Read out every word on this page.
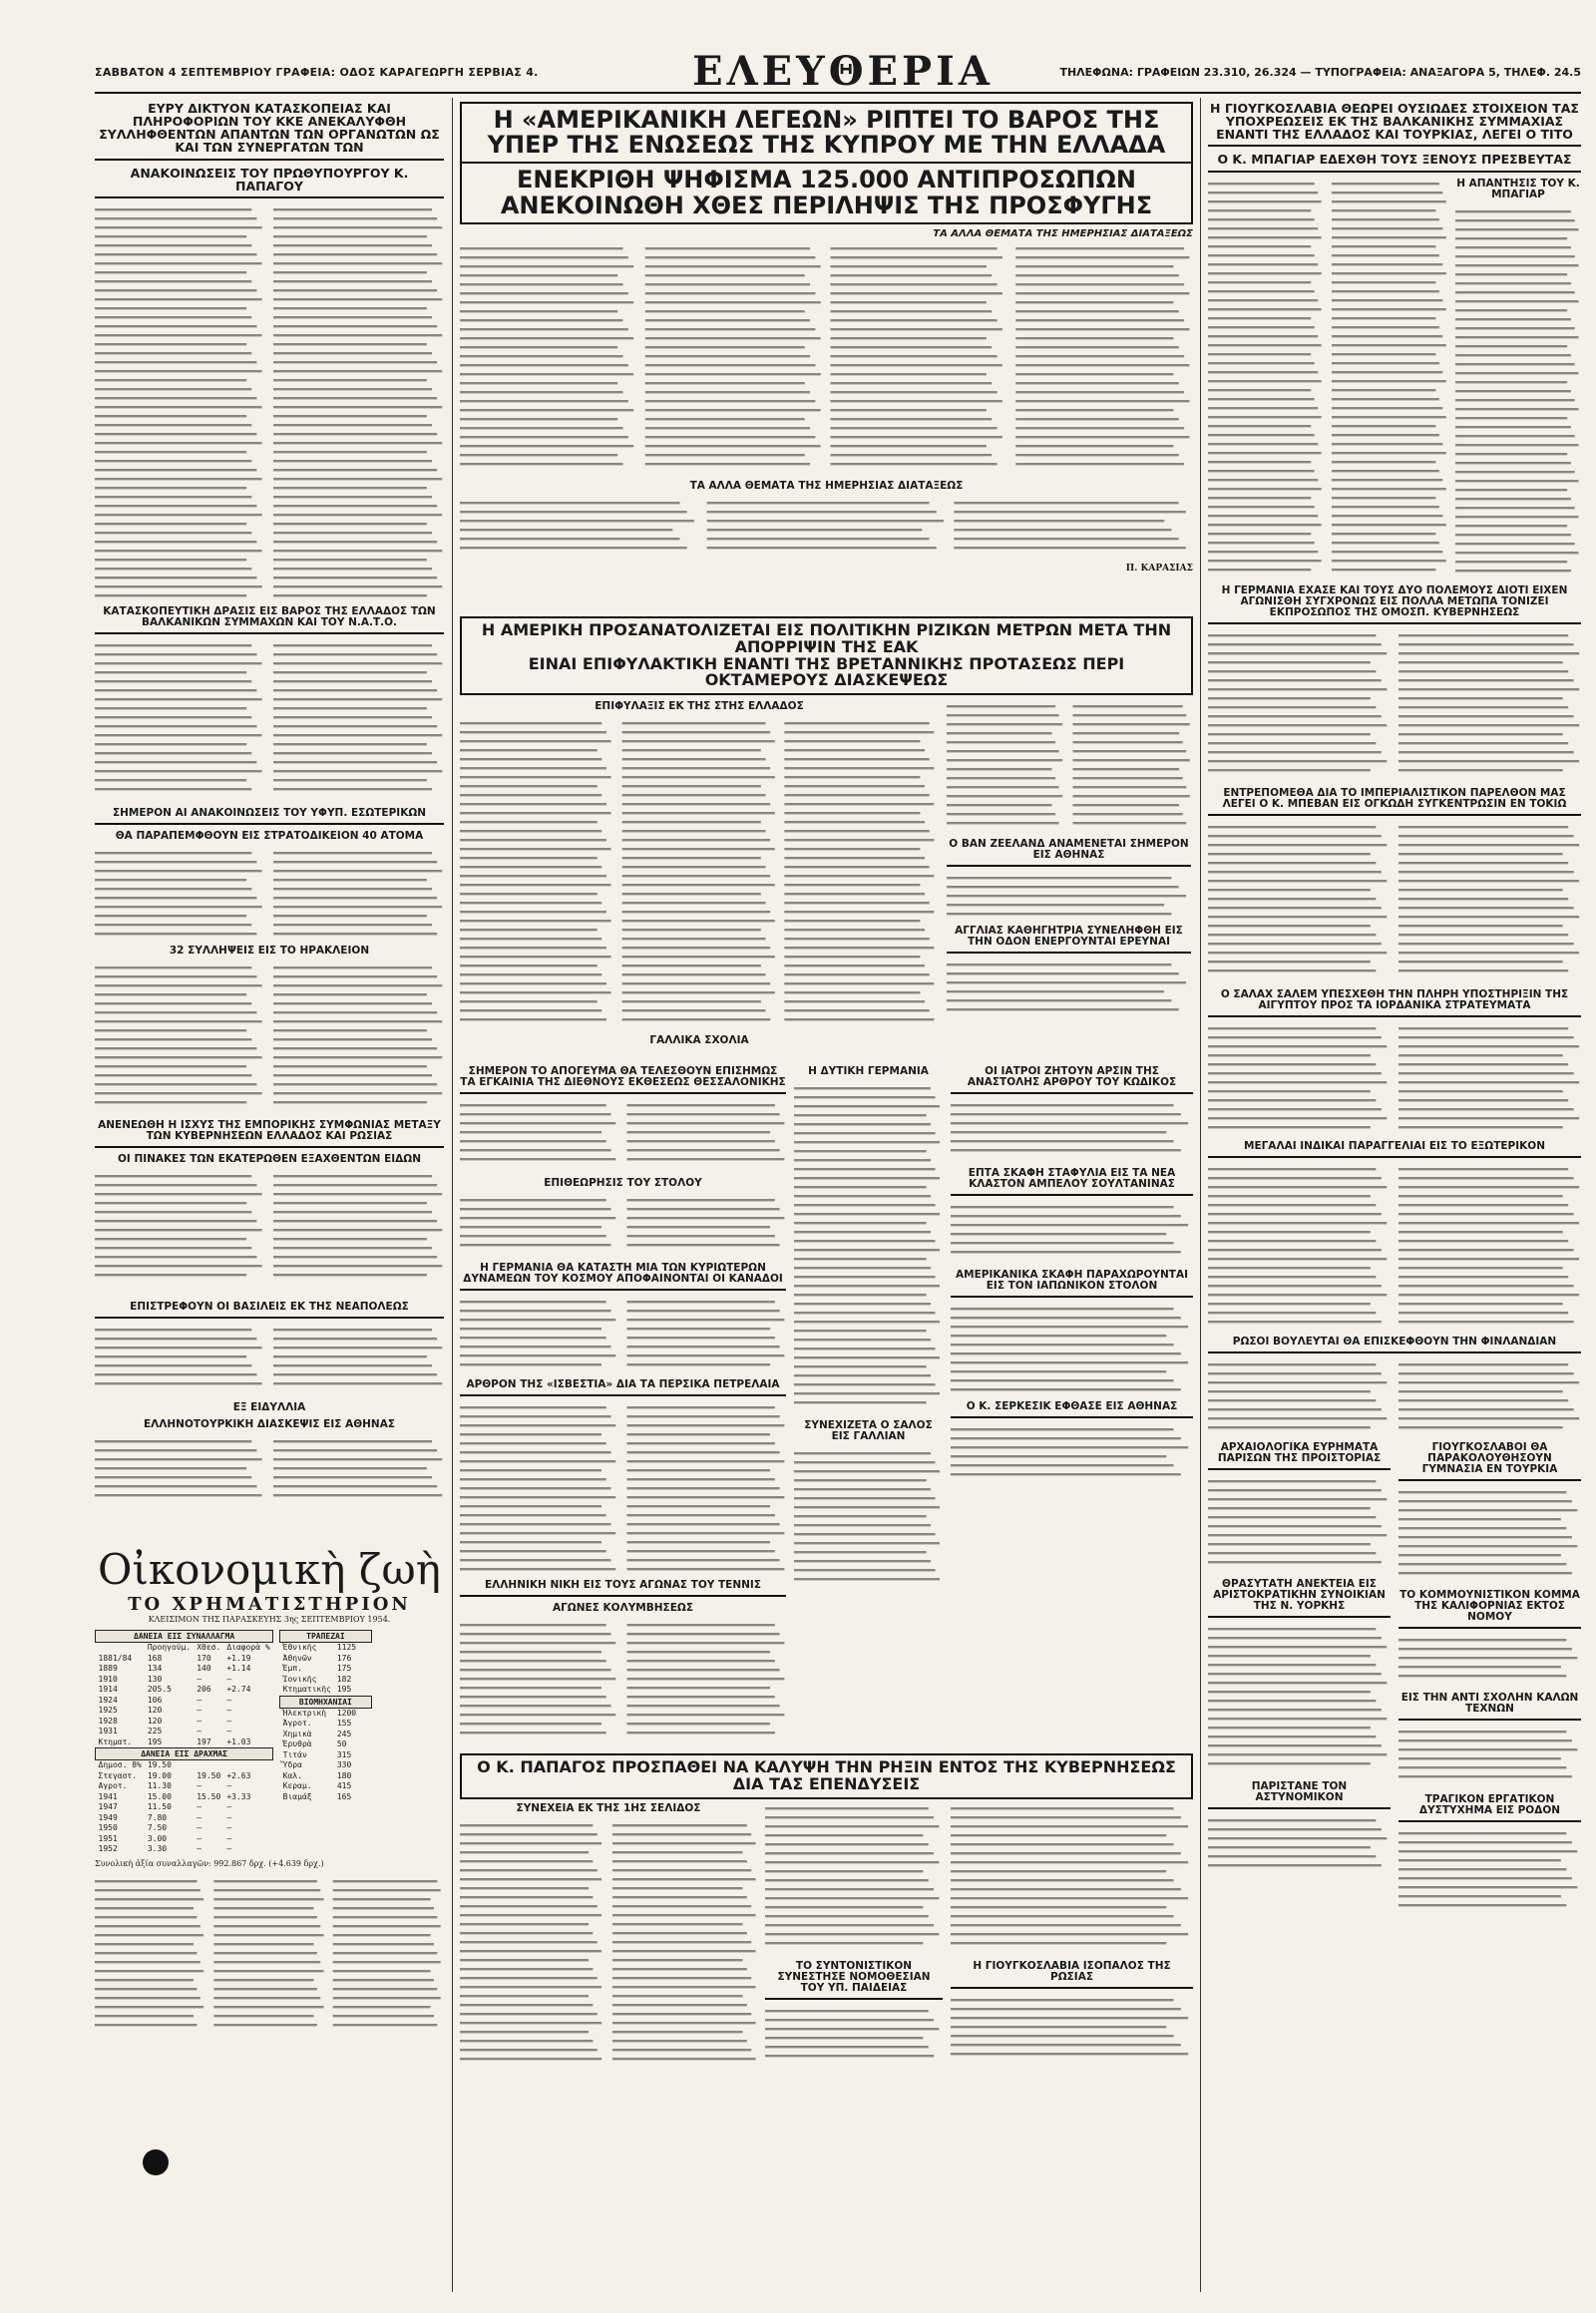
ΣΑΒΒΑΤΟΝ 4 ΣΕΠΤΕΜΒΡΙΟΥ ΓΡΑΦΕΙΑ: ΟΔΟΣ ΚΑΡΑΓΕΩΡΓΗ ΣΕΡΒΙΑΣ 4.	ΕΛΕΥΘΕΡΙΑ	ΤΗΛΕΦΩΝΑ: ΓΡΑΦΕΙΩΝ 23.310, 26.324 — ΤΥΠΟΓΡΑΦΕΙΑ: ΑΝΑΞΑΓΟΡΑ 5, ΤΗΛΕΦ. 24.5
ΕΥΡΥ ΔΙΚΤΥΟΝ ΚΑΤΑΣΚΟΠΕΙΑΣ ΚΑΙ ΠΛΗΡΟΦΟΡΙΩΝ ΤΟΥ ΚΚΕ ΑΝΕΚΑΛΥΦΘΗ ΣΥΛΛΗΦΘΕΝΤΩΝ ΑΠΑΝΤΩΝ ΤΩΝ ΟΡΓΑΝΩΤΩΝ ΩΣ ΚΑΙ ΤΩΝ ΣΥΝΕΡΓΑΤΩΝ ΤΩΝ
ΑΝΑΚΟΙΝΩΣΕΙΣ ΤΟΥ ΠΡΩΘΥΠΟΥΡΓΟΥ Κ. ΠΑΠΑΓΟΥ
ΚΑΤΑΣΚΟΠΕΥΤΙΚΗ ΔΡΑΣΙΣ ΕΙΣ ΒΑΡΟΣ ΤΗΣ ΕΛΛΑΔΟΣ ΤΩΝ ΒΑΛΚΑΝΙΚΩΝ ΣΥΜΜΑΧΩΝ ΚΑΙ ΤΟΥ Ν.Α.Τ.Ο.
ΣΗΜΕΡΟΝ ΑΙ ΑΝΑΚΟΙΝΩΣΕΙΣ ΤΟΥ ΥΦΥΠ. ΕΣΩΤΕΡΙΚΩΝ
ΘΑ ΠΑΡΑΠΕΜΦΘΟΥΝ ΕΙΣ ΣΤΡΑΤΟΔΙΚΕΙΟΝ 40 ΑΤΟΜΑ
32 ΣΥΛΛΗΨΕΙΣ ΕΙΣ ΤΟ ΗΡΑΚΛΕΙΟΝ
ΑΝΕΝΕΩΘΗ Η ΙΣΧΥΣ ΤΗΣ ΕΜΠΟΡΙΚΗΣ ΣΥΜΦΩΝΙΑΣ ΜΕΤΑΞΥ ΤΩΝ ΚΥΒΕΡΝΗΣΕΩΝ ΕΛΛΑΔΟΣ ΚΑΙ ΡΩΣΙΑΣ
ΟΙ ΠΙΝΑΚΕΣ ΤΩΝ ΕΚΑΤΕΡΩΘΕΝ ΕΞΑΧΘΕΝΤΩΝ ΕΙΔΩΝ
ΕΠΙΣΤΡΕΦΟΥΝ ΟΙ ΒΑΣΙΛΕΙΣ ΕΚ ΤΗΣ ΝΕΑΠΟΛΕΩΣ
ΕΞ ΕΙΔΥΛΛΙΑ
ΕΛΛΗΝΟΤΟΥΡΚΙΚΗ ΔΙΑΣΚΕΨΙΣ ΕΙΣ ΑΘΗΝΑΣ
Οἰκονομικὴ ζωὴ
ΤΟ ΧΡΗΜΑΤΙΣΤΗΡΙΟΝ
ΚΛΕΙΣΙΜΟΝ ΤΗΣ ΠΑΡΑΣΚΕΥΗΣ 3ης ΣΕΠΤΕΜΒΡΙΟΥ 1954.
ΔΑΝΕΙΑ ΕΙΣ ΣΥΝΑΛΛΑΓΜΑ			
	Προηγούμ.	Χθεσ.	Διαφορὰ %
1881/84	168	170	+1.19
1889	134	140	+1.14
1910	130	—	—
1914	205.5	206	+2.74
1924	106	—	—
1925	120	—	—
1928	120	—	—
1931	225	—	—
Κτηματ.	195	197	+1.03
ΔΑΝΕΙΑ ΕΙΣ ΔΡΑΧΜΑΣ			
Δημοσ. 8%	19.50		
Στεγαστ.	19.00	19.50	+2.63
Αγροτ.	11.30	—	—
1941	15.00	15.50	+3.33
1947	11.50	—	—
1949	7.80	—	—
1950	7.50	—	—
1951	3.00	—	—
1952	3.30	—	—
ΤΡΑΠΕΖΑΙ			
Ἐθνικῆς	1125		
Ἀθηνῶν	176		
Ἐμπ.	175		
Ἰονικῆς	182		
Κτηματικῆς	195		
ΒΙΟΜΗΧΑΝΙΑΙ			
Ἠλεκτρικὴ	1200		
Ἀγροτ.	155		
Χημικὰ	245		
Ἐρυθρὰ	50		
Τιτάν	315		
Ὕδρα	330		
Καλ.	180		
Κεραμ.	415		
Βιαμάξ	165		
Συνολικὴ ἀξία συναλλαγῶν: 992.867 δρχ. (+4.639 δρχ.)
Η «ΑΜΕΡΙΚΑΝΙΚΗ ΛΕΓΕΩΝ» ΡΙΠΤΕΙ ΤΟ ΒΑΡΟΣ ΤΗΣ
ΥΠΕΡ ΤΗΣ ΕΝΩΣΕΩΣ ΤΗΣ ΚΥΠΡΟΥ ΜΕ ΤΗΝ ΕΛΛΑΔΑ
ΕΝΕΚΡΙΘΗ ΨΗΦΙΣΜΑ 125.000 ΑΝΤΙΠΡΟΣΩΠΩΝ
ΑΝΕΚΟΙΝΩΘΗ ΧΘΕΣ ΠΕΡΙΛΗΨΙΣ ΤΗΣ ΠΡΟΣΦΥΓΗΣ
ΤΑ ΑΛΛΑ ΘΕΜΑΤΑ ΤΗΣ ΗΜΕΡΗΣΙΑΣ ΔΙΑΤΑΞΕΩΣ
ΤΑ ΑΛΛΑ ΘΕΜΑΤΑ ΤΗΣ ΗΜΕΡΗΣΙΑΣ ΔΙΑΤΑΞΕΩΣ
Π. ΚΑΡΑΣΙΑΣ
Η ΑΜΕΡΙΚΗ ΠΡΟΣΑΝΑΤΟΛΙΖΕΤΑΙ ΕΙΣ ΠΟΛΙΤΙΚΗΝ ΡΙΖΙΚΩΝ ΜΕΤΡΩΝ ΜΕΤΑ ΤΗΝ ΑΠΟΡΡΙΨΙΝ ΤΗΣ ΕΑΚ
ΕΙΝΑΙ ΕΠΙΦΥΛΑΚΤΙΚΗ ΕΝΑΝΤΙ ΤΗΣ ΒΡΕΤΑΝΝΙΚΗΣ ΠΡΟΤΑΣΕΩΣ ΠΕΡΙ ΟΚΤΑΜΕΡΟΥΣ ΔΙΑΣΚΕΨΕΩΣ
ΕΠΙΦΥΛΑΞΙΣ ΕΚ ΤΗΣ ΣΤΗΣ ΕΛΛΑΔΟΣ
ΓΑΛΛΙΚΑ ΣΧΟΛΙΑ
Ο ΒΑΝ ΖΕΕΛΑΝΔ ΑΝΑΜΕΝΕΤΑΙ ΣΗΜΕΡΟΝ ΕΙΣ ΑΘΗΝΑΣ
ΑΓΓΛΙΑΣ ΚΑΘΗΓΗΤΡΙΑ ΣΥΝΕΛΗΦΘΗ ΕΙΣ ΤΗΝ ΟΔΟΝ ΕΝΕΡΓΟΥΝΤΑΙ ΕΡΕΥΝΑΙ
ΣΗΜΕΡΟΝ ΤΟ ΑΠΟΓΕΥΜΑ ΘΑ ΤΕΛΕΣΘΟΥΝ ΕΠΙΣΗΜΩΣ ΤΑ ΕΓΚΑΙΝΙΑ ΤΗΣ ΔΙΕΘΝΟΥΣ ΕΚΘΕΣΕΩΣ ΘΕΣΣΑΛΟΝΙΚΗΣ
ΕΠΙΘΕΩΡΗΣΙΣ ΤΟΥ ΣΤΟΛΟΥ
Η ΓΕΡΜΑΝΙΑ ΘΑ ΚΑΤΑΣΤΗ ΜΙΑ ΤΩΝ ΚΥΡΙΩΤΕΡΩΝ ΔΥΝΑΜΕΩΝ ΤΟΥ ΚΟΣΜΟΥ ΑΠΟΦΑΙΝΟΝΤΑΙ ΟΙ ΚΑΝΑΔΟΙ
ΑΡΘΡΟΝ ΤΗΣ «ΙΣΒΕΣΤΙΑ» ΔΙΑ ΤΑ ΠΕΡΣΙΚΑ ΠΕΤΡΕΛΑΙΑ
ΕΛΛΗΝΙΚΗ ΝΙΚΗ ΕΙΣ ΤΟΥΣ ΑΓΩΝΑΣ ΤΟΥ ΤΕΝΝΙΣ
ΑΓΩΝΕΣ ΚΟΛΥΜΒΗΣΕΩΣ
Η ΔΥΤΙΚΗ ΓΕΡΜΑΝΙΑ
ΣΥΝΕΧΙΖΕΤΑ Ο ΣΑΛΟΣ ΕΙΣ ΓΑΛΛΙΑΝ
ΟΙ ΙΑΤΡΟΙ ΖΗΤΟΥΝ ΑΡΣΙΝ ΤΗΣ ΑΝΑΣΤΟΛΗΣ ΑΡΘΡΟΥ ΤΟΥ ΚΩΔΙΚΟΣ
ΕΠΤΑ ΣΚΑΦΗ ΣΤΑΦΥΛΙΑ ΕΙΣ ΤΑ ΝΕΑ ΚΛΑΣΤΟΝ ΑΜΠΕΛΟΥ ΣΟΥΛΤΑΝΙΝΑΣ
ΑΜΕΡΙΚΑΝΙΚΑ ΣΚΑΦΗ ΠΑΡΑΧΩΡΟΥΝΤΑΙ ΕΙΣ ΤΟΝ ΙΑΠΩΝΙΚΟΝ ΣΤΟΛΟΝ
Ο Κ. ΣΕΡΚΕΣΙΚ ΕΦΘΑΣΕ ΕΙΣ ΑΘΗΝΑΣ
Ο Κ. ΠΑΠΑΓΟΣ ΠΡΟΣΠΑΘΕΙ ΝΑ ΚΑΛΥΨΗ ΤΗΝ ΡΗΞΙΝ ΕΝΤΟΣ ΤΗΣ ΚΥΒΕΡΝΗΣΕΩΣ ΔΙΑ ΤΑΣ ΕΠΕΝΔΥΣΕΙΣ
ΣΥΝΕΧΕΙΑ ΕΚ ΤΗΣ 1ΗΣ ΣΕΛΙΔΟΣ
ΤΟ ΣΥΝΤΟΝΙΣΤΙΚΟΝ ΣΥΝΕΣΤΗΣΕ ΝΟΜΟΘΕΣΙΑΝ ΤΟΥ ΥΠ. ΠΑΙΔΕΙΑΣ
Η ΓΙΟΥΓΚΟΣΛΑΒΙΑ ΙΣΟΠΑΛΟΣ ΤΗΣ ΡΩΣΙΑΣ
Η ΓΙΟΥΓΚΟΣΛΑΒΙΑ ΘΕΩΡΕΙ ΟΥΣΙΩΔΕΣ ΣΤΟΙΧΕΙΟΝ ΤΑΣ ΥΠΟΧΡΕΩΣΕΙΣ ΕΚ ΤΗΣ ΒΑΛΚΑΝΙΚΗΣ ΣΥΜΜΑΧΙΑΣ ΕΝΑΝΤΙ ΤΗΣ ΕΛΛΑΔΟΣ ΚΑΙ ΤΟΥΡΚΙΑΣ, ΛΕΓΕΙ Ο ΤΙΤΟ
Ο Κ. ΜΠΑΓΙΑΡ ΕΔΕΧΘΗ ΤΟΥΣ ΞΕΝΟΥΣ ΠΡΕΣΒΕΥΤΑΣ
Η ΑΠΑΝΤΗΣΙΣ ΤΟΥ Κ. ΜΠΑΓΙΑΡ
Η ΓΕΡΜΑΝΙΑ ΕΧΑΣΕ ΚΑΙ ΤΟΥΣ ΔΥΟ ΠΟΛΕΜΟΥΣ ΔΙΟΤΙ ΕΙΧΕΝ ΑΓΩΝΙΣΘΗ ΣΥΓΧΡΟΝΩΣ ΕΙΣ ΠΟΛΛΑ ΜΕΤΩΠΑ ΤΟΝΙΖΕΙ ΕΚΠΡΟΣΩΠΟΣ ΤΗΣ ΟΜΟΣΠ. ΚΥΒΕΡΝΗΣΕΩΣ
ΕΝΤΡΕΠΟΜΕΘΑ ΔΙΑ ΤΟ ΙΜΠΕΡΙΑΛΙΣΤΙΚΟΝ ΠΑΡΕΛΘΟΝ ΜΑΣ ΛΕΓΕΙ Ο Κ. ΜΠΕΒΑΝ ΕΙΣ ΟΓΚΩΔΗ ΣΥΓΚΕΝΤΡΩΣΙΝ ΕΝ ΤΟΚΙΩ
Ο ΣΑΛΑΧ ΣΑΛΕΜ ΥΠΕΣΧΕΘΗ ΤΗΝ ΠΛΗΡΗ ΥΠΟΣΤΗΡΙΞΙΝ ΤΗΣ ΑΙΓΥΠΤΟΥ ΠΡΟΣ ΤΑ ΙΟΡΔΑΝΙΚΑ ΣΤΡΑΤΕΥΜΑΤΑ
ΜΕΓΑΛΑΙ ΙΝΔΙΚΑΙ ΠΑΡΑΓΓΕΛΙΑΙ ΕΙΣ ΤΟ ΕΞΩΤΕΡΙΚΟΝ
ΡΩΣΟΙ ΒΟΥΛΕΥΤΑΙ ΘΑ ΕΠΙΣΚΕΦΘΟΥΝ ΤΗΝ ΦΙΝΛΑΝΔΙΑΝ
ΑΡΧΑΙΟΛΟΓΙΚΑ ΕΥΡΗΜΑΤΑ ΠΑΡΙΣΩΝ ΤΗΣ ΠΡΟΙΣΤΟΡΙΑΣ
ΘΡΑΣΥΤΑΤΗ ΑΝΕΚΤΕΙΑ ΕΙΣ ΑΡΙΣΤΟΚΡΑΤΙΚΗΝ ΣΥΝΟΙΚΙΑΝ ΤΗΣ Ν. ΥΟΡΚΗΣ
ΠΑΡΙΣΤΑΝΕ ΤΟΝ ΑΣΤΥΝΟΜΙΚΟΝ
ΓΙΟΥΓΚΟΣΛΑΒΟΙ ΘΑ ΠΑΡΑΚΟΛΟΥΘΗΣΟΥΝ ΓΥΜΝΑΣΙΑ ΕΝ ΤΟΥΡΚΙΑ
ΤΟ ΚΟΜΜΟΥΝΙΣΤΙΚΟΝ ΚΟΜΜΑ ΤΗΣ ΚΑΛΙΦΟΡΝΙΑΣ ΕΚΤΟΣ ΝΟΜΟΥ
ΕΙΣ ΤΗΝ ΑΝΤΙ ΣΧΟΛΗΝ ΚΑΛΩΝ ΤΕΧΝΩΝ
ΤΡΑΓΙΚΟΝ ΕΡΓΑΤΙΚΟΝ ΔΥΣΤΥΧΗΜΑ ΕΙΣ ΡΟΔΟΝ
